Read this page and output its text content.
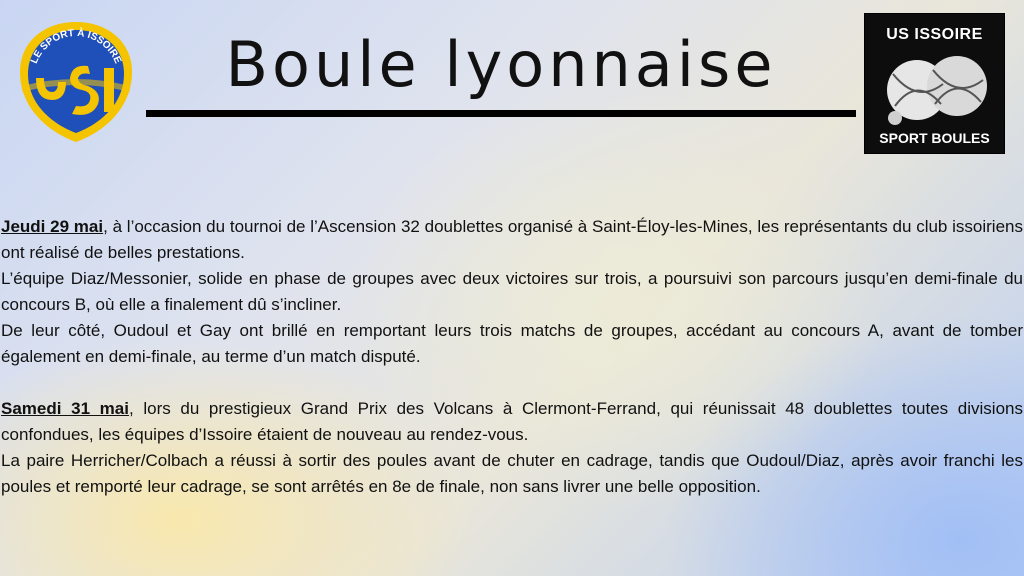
LE SPORT À ISSOIRE	Boule lyonnaise	US ISSOIRE
SPORT BOULES

Jeudi 29 mai, à l’occasion du tournoi de l’Ascension 32 doublettes organisé à Saint-Éloy-les-Mines, les représentants du club issoiriens ont réalisé de belles prestations.

L’équipe Diaz/Messonier, solide en phase de groupes avec deux victoires sur trois, a poursuivi son parcours jusqu’en demi-finale du concours B, où elle a finalement dû s’incliner.

De leur côté, Oudoul et Gay ont brillé en remportant leurs trois matchs de groupes, accédant au concours A, avant de tomber également en demi-finale, au terme d’un match disputé.

Samedi 31 mai, lors du prestigieux Grand Prix des Volcans à Clermont-Ferrand, qui réunissait 48 doublettes toutes divisions confondues, les équipes d’Issoire étaient de nouveau au rendez-vous.

La paire Herricher/Colbach a réussi à sortir des poules avant de chuter en cadrage, tandis que Oudoul/Diaz, après avoir franchi les poules et remporté leur cadrage, se sont arrêtés en 8e de finale, non sans livrer une belle opposition.
